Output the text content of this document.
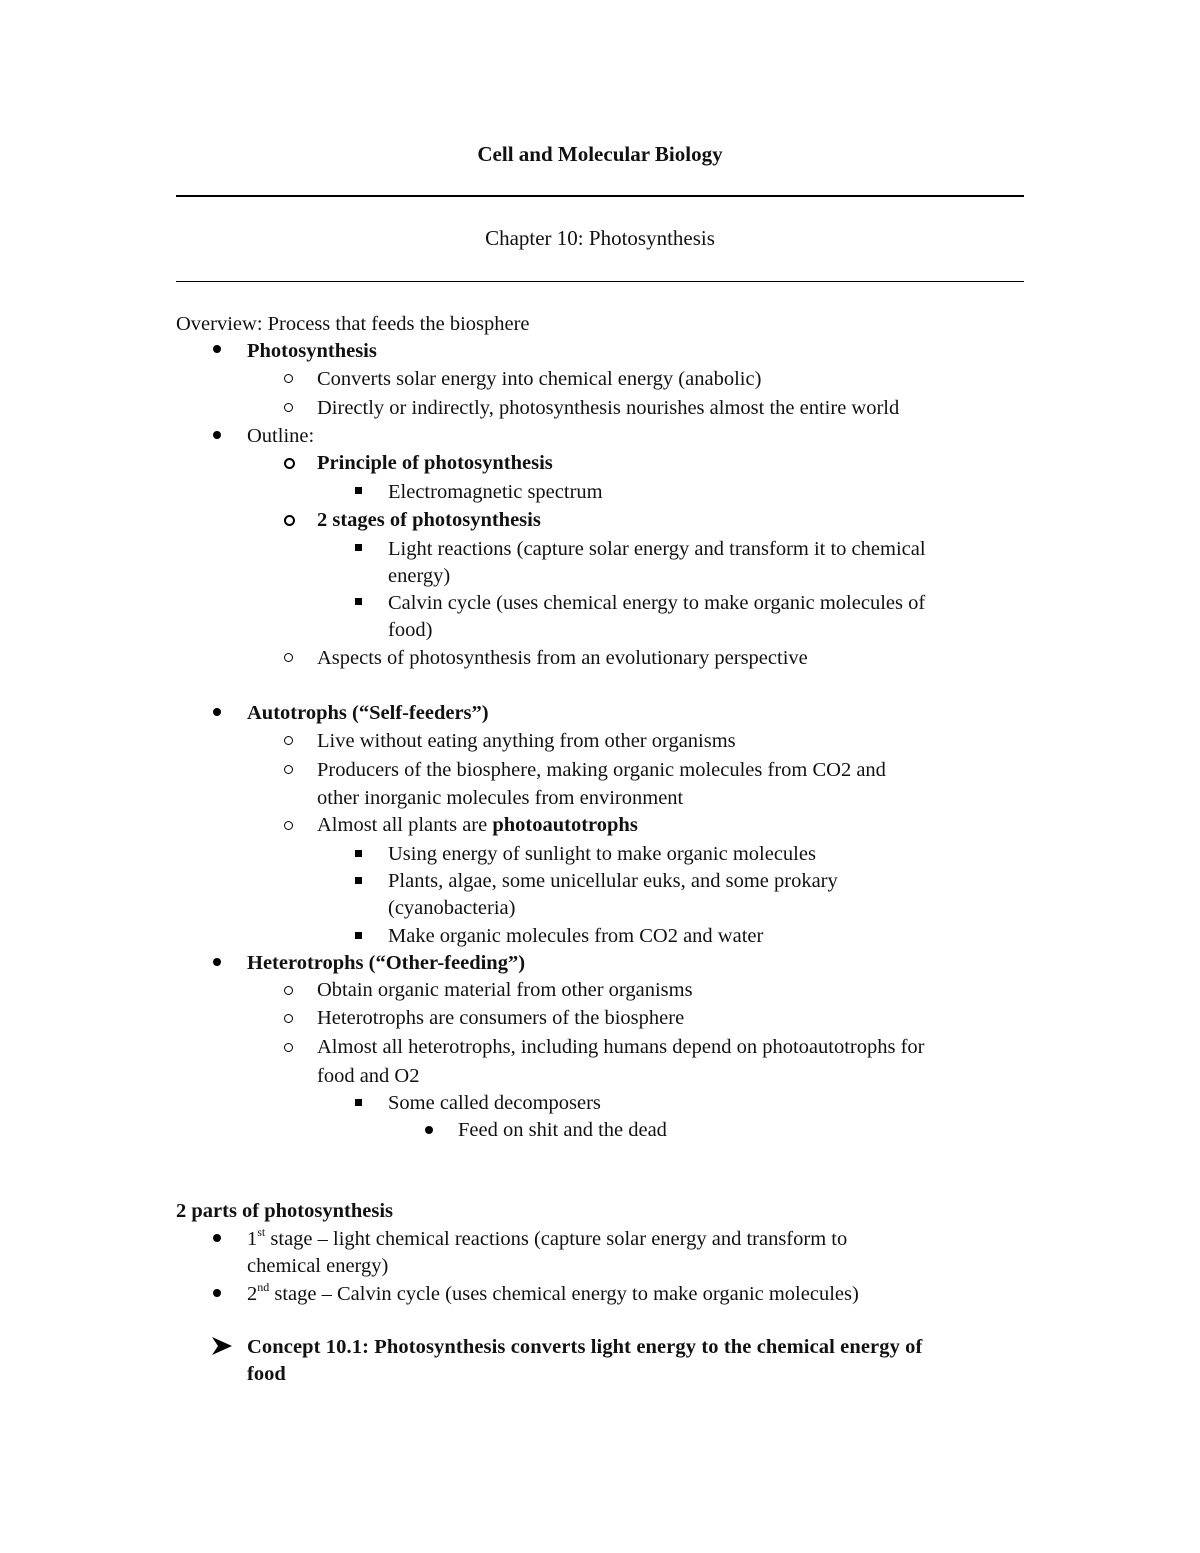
Cell and Molecular Biology
Chapter 10: Photosynthesis
Overview: Process that feeds the biosphere
Photosynthesis
Converts solar energy into chemical energy (anabolic)
Directly or indirectly, photosynthesis nourishes almost the entire world
Outline:
Principle of photosynthesis
Electromagnetic spectrum
2 stages of photosynthesis
Light reactions (capture solar energy and transform it to chemical
energy)
Calvin cycle (uses chemical energy to make organic molecules of
food)
Aspects of photosynthesis from an evolutionary perspective
Autotrophs (“Self-feeders”)
Live without eating anything from other organisms
Producers of the biosphere, making organic molecules from CO2 and
other inorganic molecules from environment
Almost all plants are photoautotrophs
Using energy of sunlight to make organic molecules
Plants, algae, some unicellular euks, and some prokary
(cyanobacteria)
Make organic molecules from CO2 and water
Heterotrophs (“Other-feeding”)
Obtain organic material from other organisms
Heterotrophs are consumers of the biosphere
Almost all heterotrophs, including humans depend on photoautotrophs for
food and O2
Some called decomposers
Feed on shit and the dead
2 parts of photosynthesis
1st stage – light chemical reactions (capture solar energy and transform to
chemical energy)
2nd stage – Calvin cycle (uses chemical energy to make organic molecules)
Concept 10.1: Photosynthesis converts light energy to the chemical energy of
food
